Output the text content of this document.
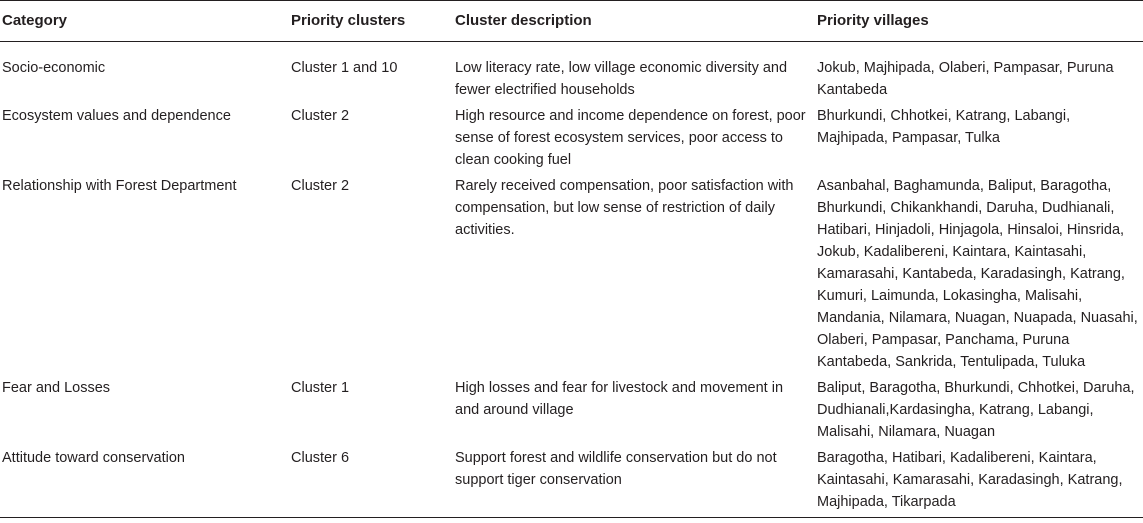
Category	Priority clusters	Cluster description	Priority villages
Socio-economic	Cluster 1 and 10	Low literacy rate, low village economic diversity and fewer electrified households	Jokub, Majhipada, Olaberi, Pampasar, Puruna Kantabeda
Ecosystem values and dependence	Cluster 2	High resource and income dependence on forest, poor sense of forest ecosystem services, poor access to clean cooking fuel	Bhurkundi, Chhotkei, Katrang, Labangi, Majhipada, Pampasar, Tulka
Relationship with Forest Department	Cluster 2	Rarely received compensation, poor satisfaction with compensation, but low sense of restriction of daily activities.	Asanbahal, Baghamunda, Baliput, Baragotha, Bhurkundi, Chikankhandi, Daruha, Dudhianali, Hatibari, Hinjadoli, Hinjagola, Hinsaloi, Hinsrida, Jokub, Kadalibereni, Kaintara, Kaintasahi, Kamarasahi, Kantabeda, Karadasingh, Katrang, Kumuri, Laimunda, Lokasingha, Malisahi, Mandania, Nilamara, Nuagan, Nuapada, Nuasahi, Olaberi, Pampasar, Panchama, Puruna Kantabeda, Sankrida, Tentulipada, Tuluka
Fear and Losses	Cluster 1	High losses and fear for livestock and movement in and around village	Baliput, Baragotha, Bhurkundi, Chhotkei, Daruha, Dudhianali,Kardasingha, Katrang, Labangi, Malisahi, Nilamara, Nuagan
Attitude toward conservation	Cluster 6	Support forest and wildlife conservation but do not support tiger conservation	Baragotha, Hatibari, Kadalibereni, Kaintara, Kaintasahi, Kamarasahi, Karadasingh, Katrang, Majhipada, Tikarpada
